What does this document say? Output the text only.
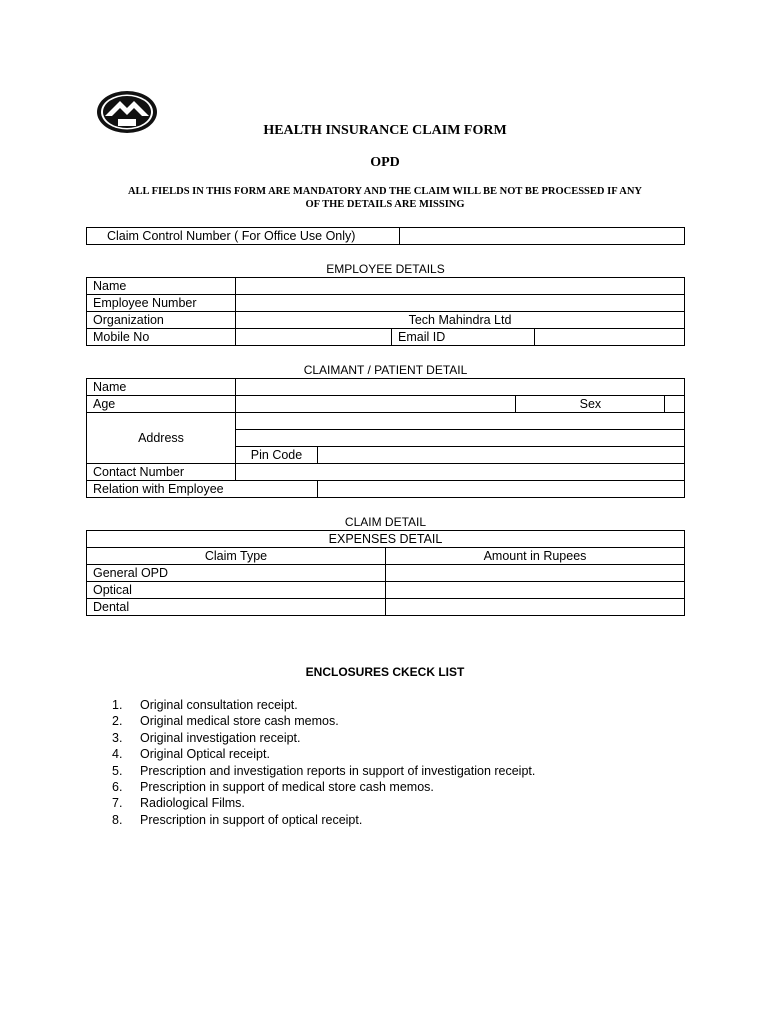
HEALTH INSURANCE CLAIM FORM
OPD
ALL FIELDS IN THIS FORM ARE MANDATORY AND THE CLAIM WILL BE NOT BE PROCESSED IF ANY
OF THE DETAILS ARE MISSING
Claim Control Number ( For Office Use Only)	
EMPLOYEE DETAILS
Name			
Employee Number			
Organization	Tech Mahindra Ltd		
Mobile No		Email ID	
CLAIMANT / PATIENT DETAIL
Name				
Age			Sex	
Address				

	Pin Code			
Contact Number				
Relation with Employee				
CLAIM DETAIL
EXPENSES DETAIL	
Claim Type	Amount in Rupees
General OPD	
Optical	
Dental	
ENCLOSURES CKECK LIST
1.	Original consultation receipt.
2.	Original medical store cash memos.
3.	Original investigation receipt.
4.	Original Optical receipt.
5.	Prescription and investigation reports in support of investigation receipt.
6.	Prescription in support of medical store cash memos.
7.	Radiological Films.
8.	Prescription in support of optical receipt.
